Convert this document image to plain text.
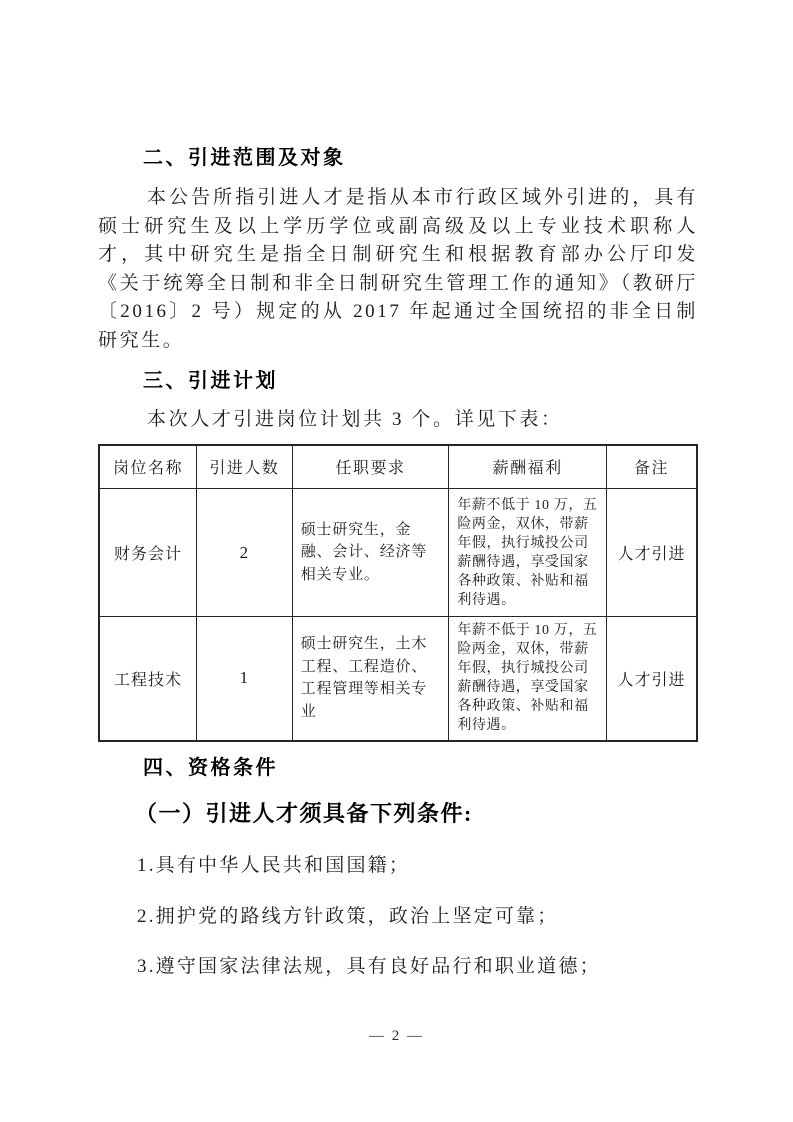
二、引进范围及对象

本公告所指引进人才是指从本市行政区域外引进的，具有硕士研究生及以上学历学位或副高级及以上专业技术职称人才，其中研究生是指全日制研究生和根据教育部办公厅印发《关于统筹全日制和非全日制研究生管理工作的通知》（教研厅〔2016〕2 号）规定的从 2017 年起通过全国统招的非全日制研究生。

三、引进计划

本次人才引进岗位计划共 3 个。详见下表：

岗位名称	引进人数	任职要求	薪酬福利	备注
财务会计	2	硕士研究生，金融、会计、经济等相关专业。	年薪不低于 10 万，五险两金，双休，带薪年假，执行城投公司薪酬待遇，享受国家各种政策、补贴和福利待遇。	人才引进
工程技术	1	硕士研究生，土木工程、工程造价、工程管理等相关专业	年薪不低于 10 万，五险两金，双休，带薪年假，执行城投公司薪酬待遇，享受国家各种政策、补贴和福利待遇。	人才引进
四、资格条件

（一）引进人才须具备下列条件:

1.具有中华人民共和国国籍；

2.拥护党的路线方针政策，政治上坚定可靠；

3.遵守国家法律法规，具有良好品行和职业道德；

— 2 —
